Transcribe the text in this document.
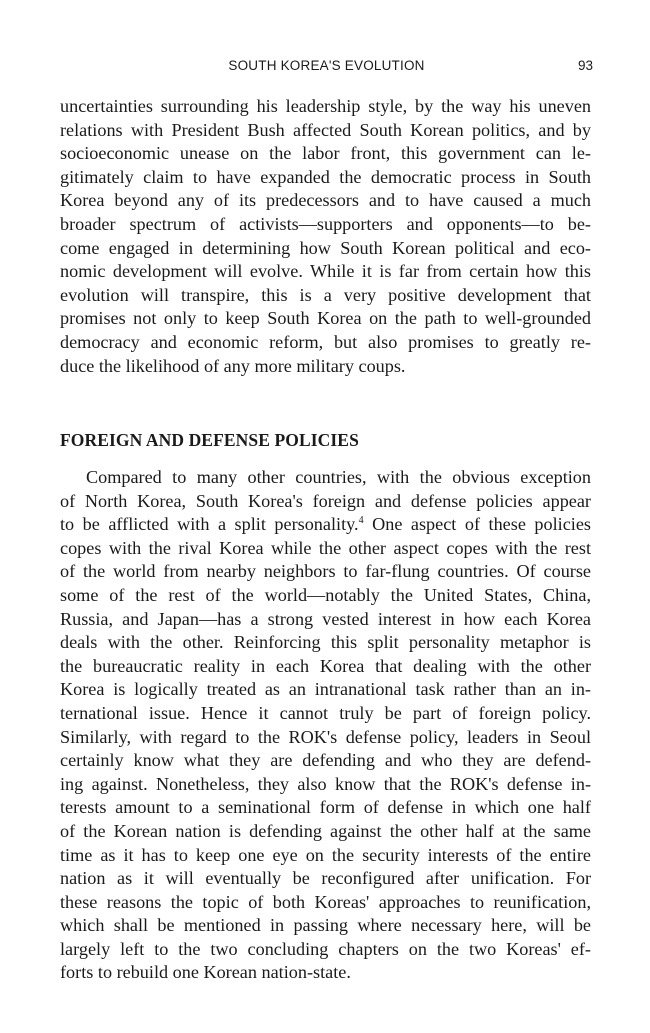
SOUTH KOREA'S EVOLUTION	93
uncertainties surrounding his leadership style, by the way his uneven
relations with President Bush affected South Korean politics, and by
socioeconomic unease on the labor front, this government can le-
gitimately claim to have expanded the democratic process in South
Korea beyond any of its predecessors and to have caused a much
broader spectrum of activists—supporters and opponents—to be-
come engaged in determining how South Korean political and eco-
nomic development will evolve. While it is far from certain how this
evolution will transpire, this is a very positive development that
promises not only to keep South Korea on the path to well-grounded
democracy and economic reform, but also promises to greatly re-
duce the likelihood of any more military coups.
FOREIGN AND DEFENSE POLICIES
Compared to many other countries, with the obvious exception
of North Korea, South Korea's foreign and defense policies appear
to be afflicted with a split personality.$^4$ One aspect of these policies
copes with the rival Korea while the other aspect copes with the rest
of the world from nearby neighbors to far-flung countries. Of course
some of the rest of the world—notably the United States, China,
Russia, and Japan—has a strong vested interest in how each Korea
deals with the other. Reinforcing this split personality metaphor is
the bureaucratic reality in each Korea that dealing with the other
Korea is logically treated as an intranational task rather than an in-
ternational issue. Hence it cannot truly be part of foreign policy.
Similarly, with regard to the ROK's defense policy, leaders in Seoul
certainly know what they are defending and who they are defend-
ing against. Nonetheless, they also know that the ROK's defense in-
terests amount to a seminational form of defense in which one half
of the Korean nation is defending against the other half at the same
time as it has to keep one eye on the security interests of the entire
nation as it will eventually be reconfigured after unification. For
these reasons the topic of both Koreas' approaches to reunification,
which shall be mentioned in passing where necessary here, will be
largely left to the two concluding chapters on the two Koreas' ef-
forts to rebuild one Korean nation-state.
